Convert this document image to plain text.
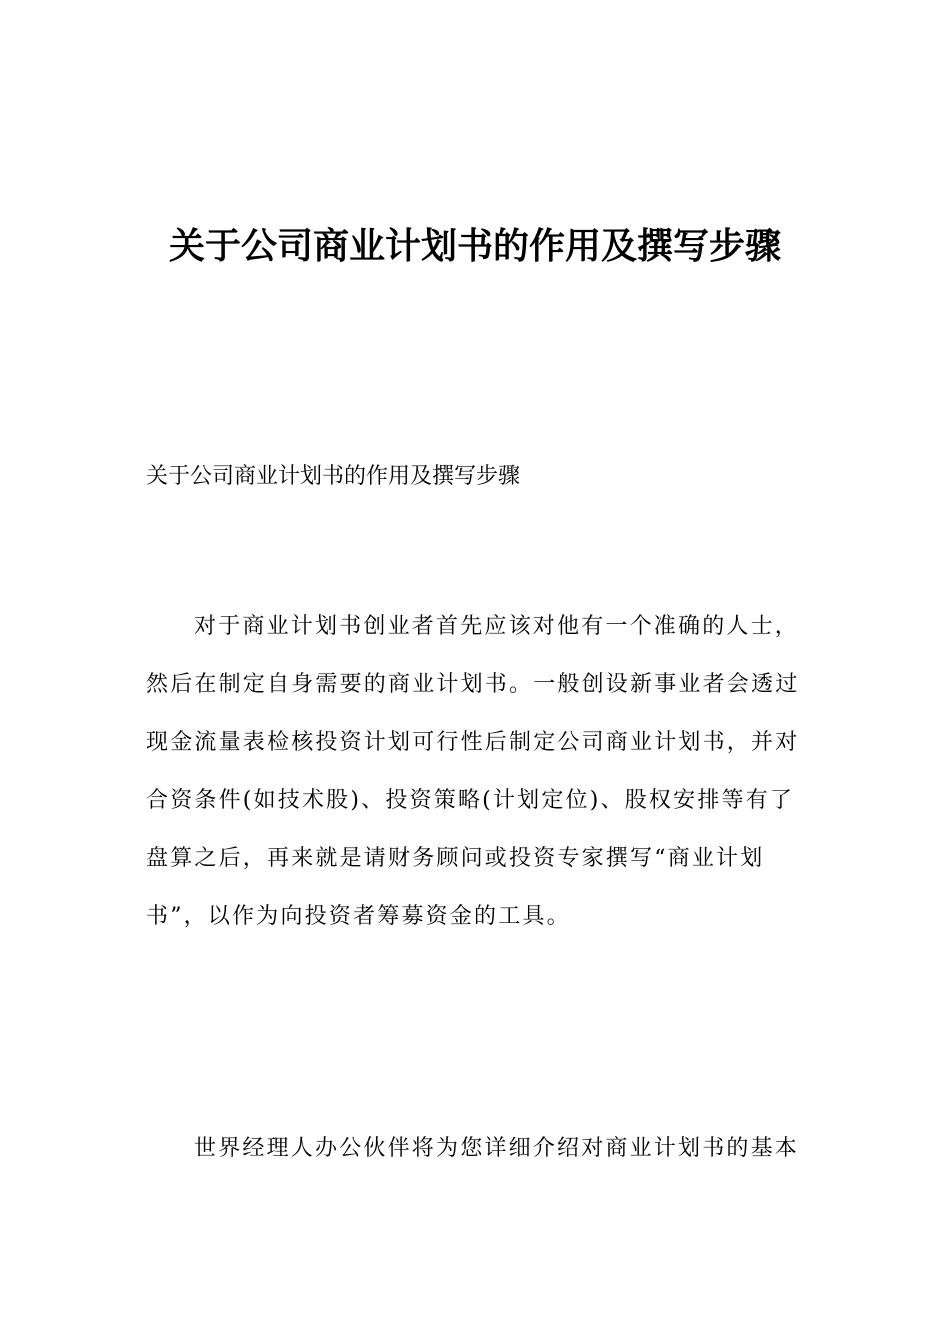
关于公司商业计划书的作用及撰写步骤

关于公司商业计划书的作用及撰写步骤

对于商业计划书创业者首先应该对他有一个准确的人士，
然后在制定自身需要的商业计划书。一般创设新事业者会透过
现金流量表检核投资计划可行性后制定公司商业计划书，并对
合资条件(如技术股)、投资策略(计划定位)、股权安排等有了
盘算之后，再来就是请财务顾问或投资专家撰写“商业计划
书”，以作为向投资者筹募资金的工具。
世界经理人办公伙伴将为您详细介绍对商业计划书的基本
